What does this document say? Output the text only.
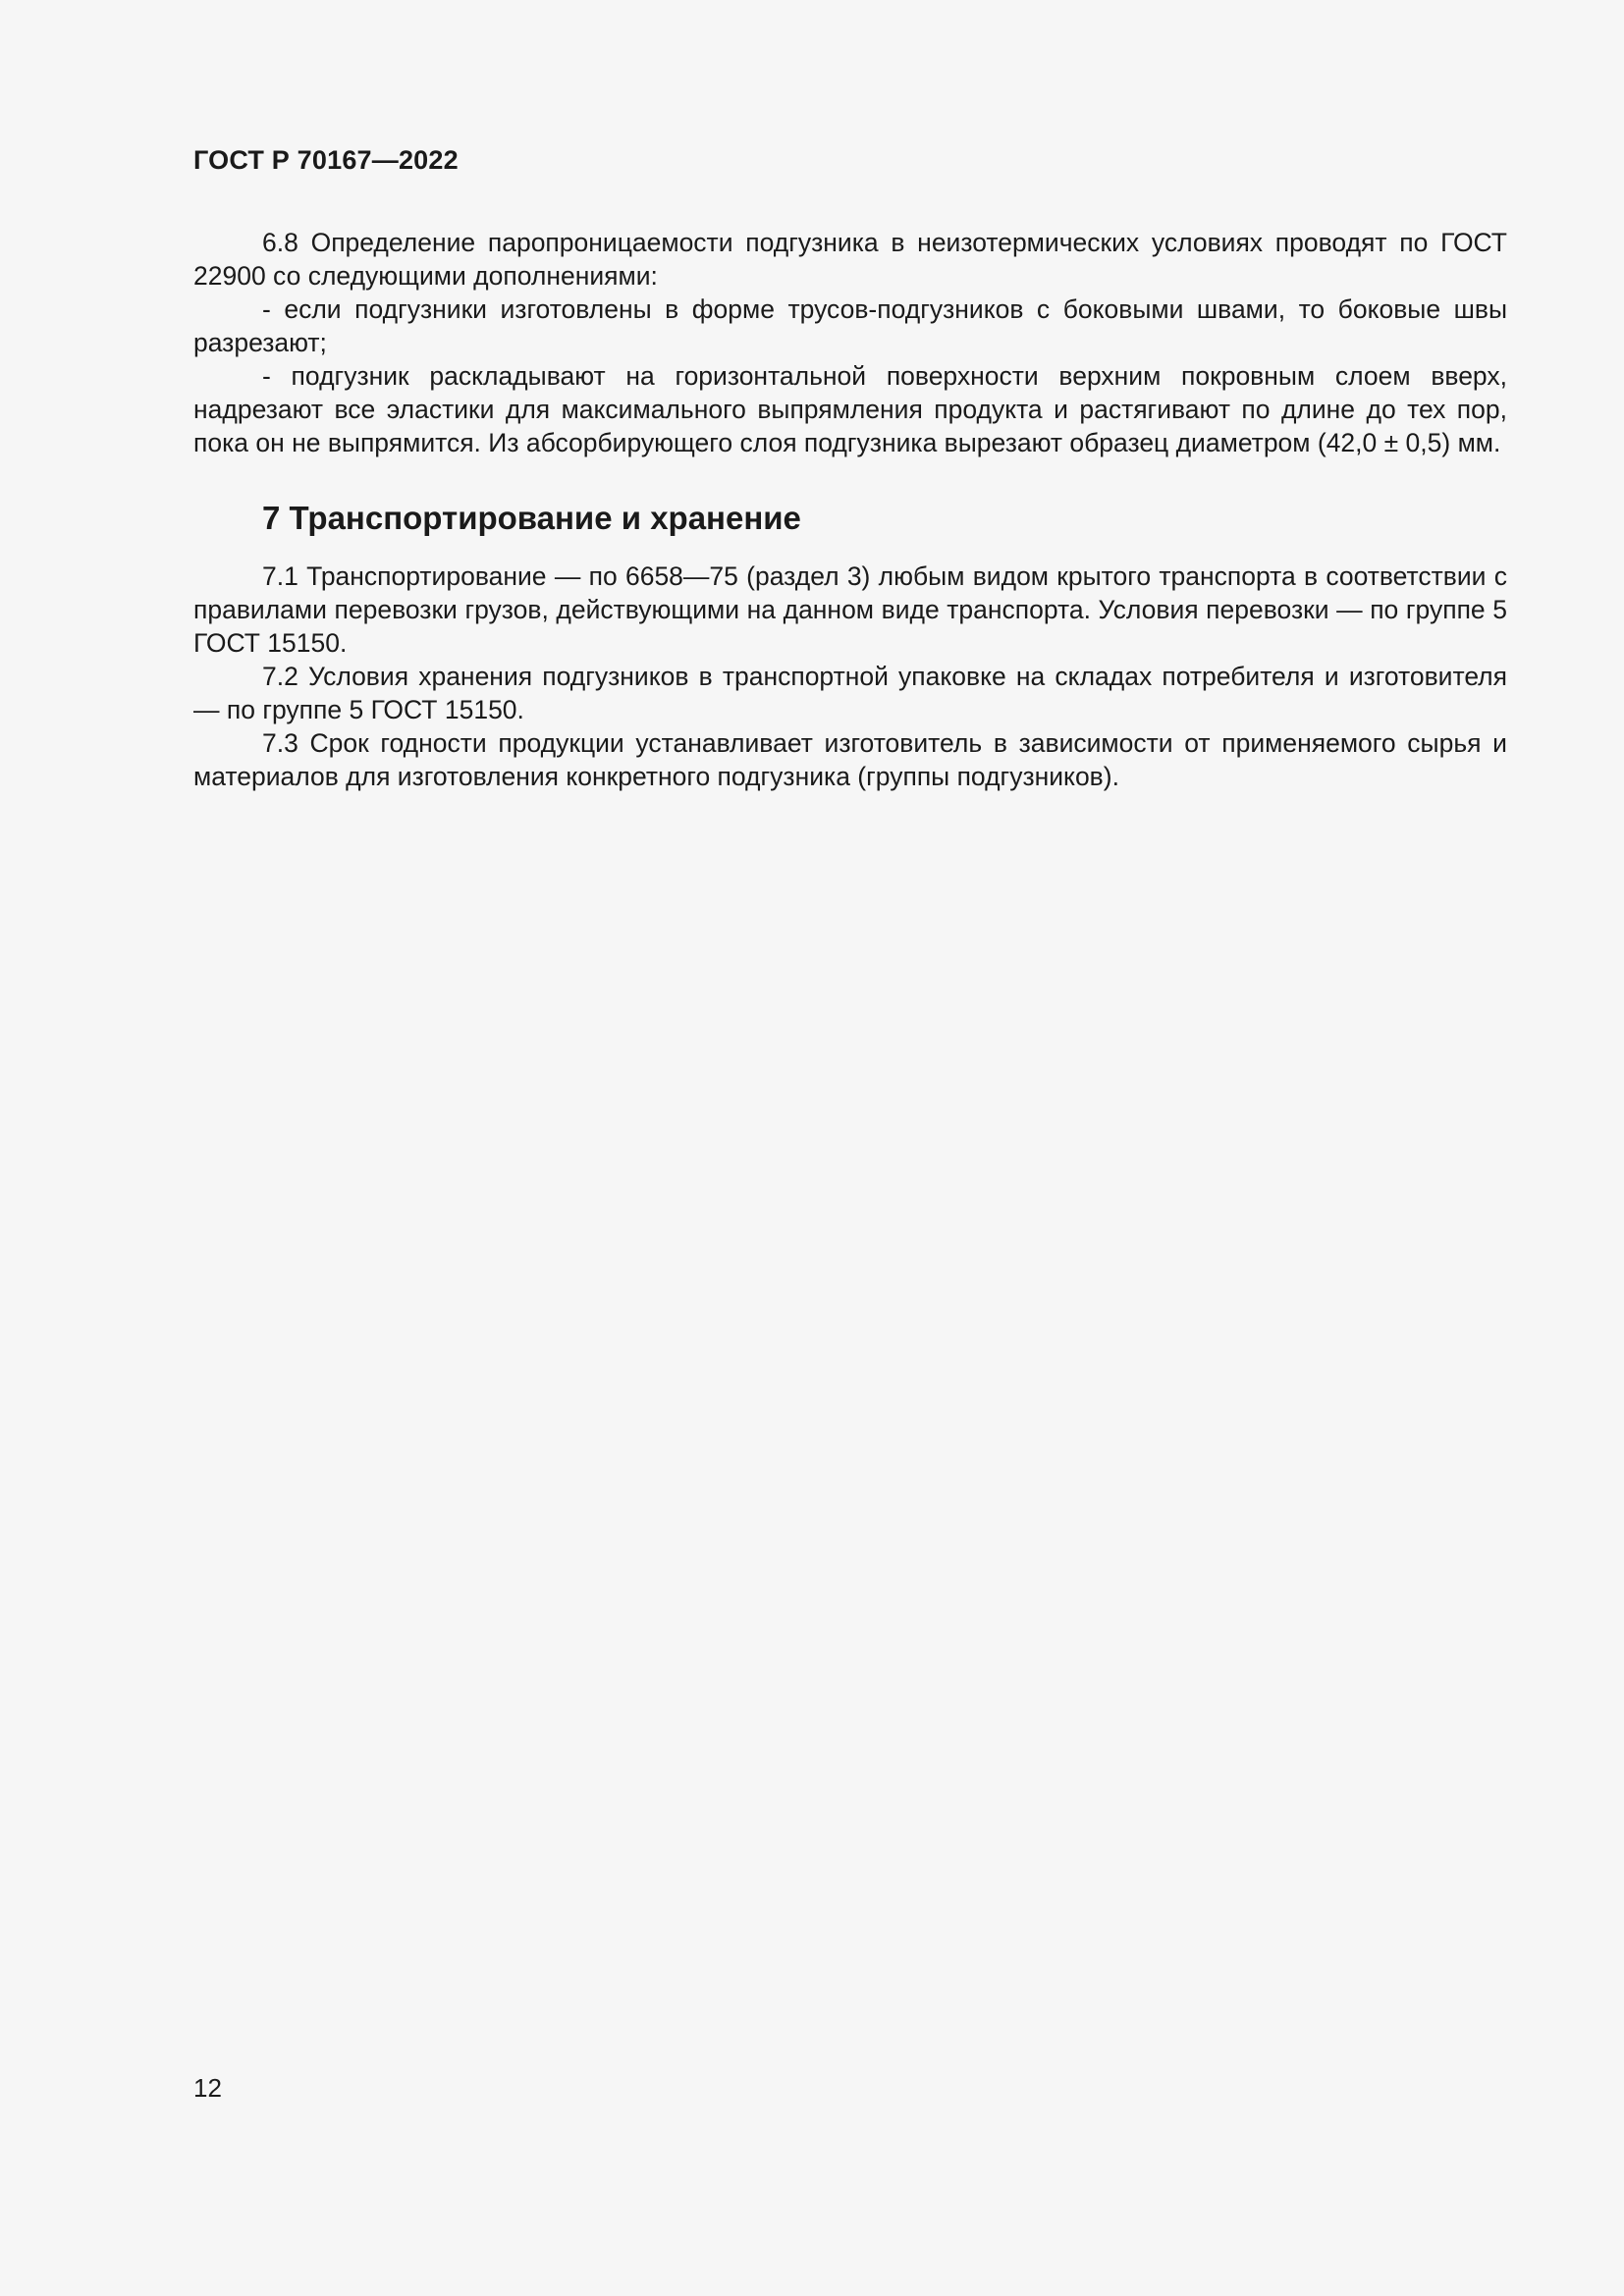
ГОСТ Р 70167—2022

6.8 Определение паропроницаемости подгузника в неизотермических условиях проводят по ГОСТ 22900 со следующими дополнениями:

- если подгузники изготовлены в форме трусов-подгузников с боковыми швами, то боковые швы разрезают;

- подгузник раскладывают на горизонтальной поверхности верхним покровным слоем вверх, надрезают все эластики для максимального выпрямления продукта и растягивают по длине до тех пор, пока он не выпрямится. Из абсорбирующего слоя подгузника вырезают образец диаметром (42,0 ± 0,5) мм.

7 Транспортирование и хранение

7.1 Транспортирование — по 6658—75 (раздел 3) любым видом крытого транспорта в соответствии с правилами перевозки грузов, действующими на данном виде транспорта. Условия перевозки — по группе 5 ГОСТ 15150.

7.2 Условия хранения подгузников в транспортной упаковке на складах потребителя и изготовителя — по группе 5 ГОСТ 15150.

7.3 Срок годности продукции устанавливает изготовитель в зависимости от применяемого сырья и материалов для изготовления конкретного подгузника (группы подгузников).

12
